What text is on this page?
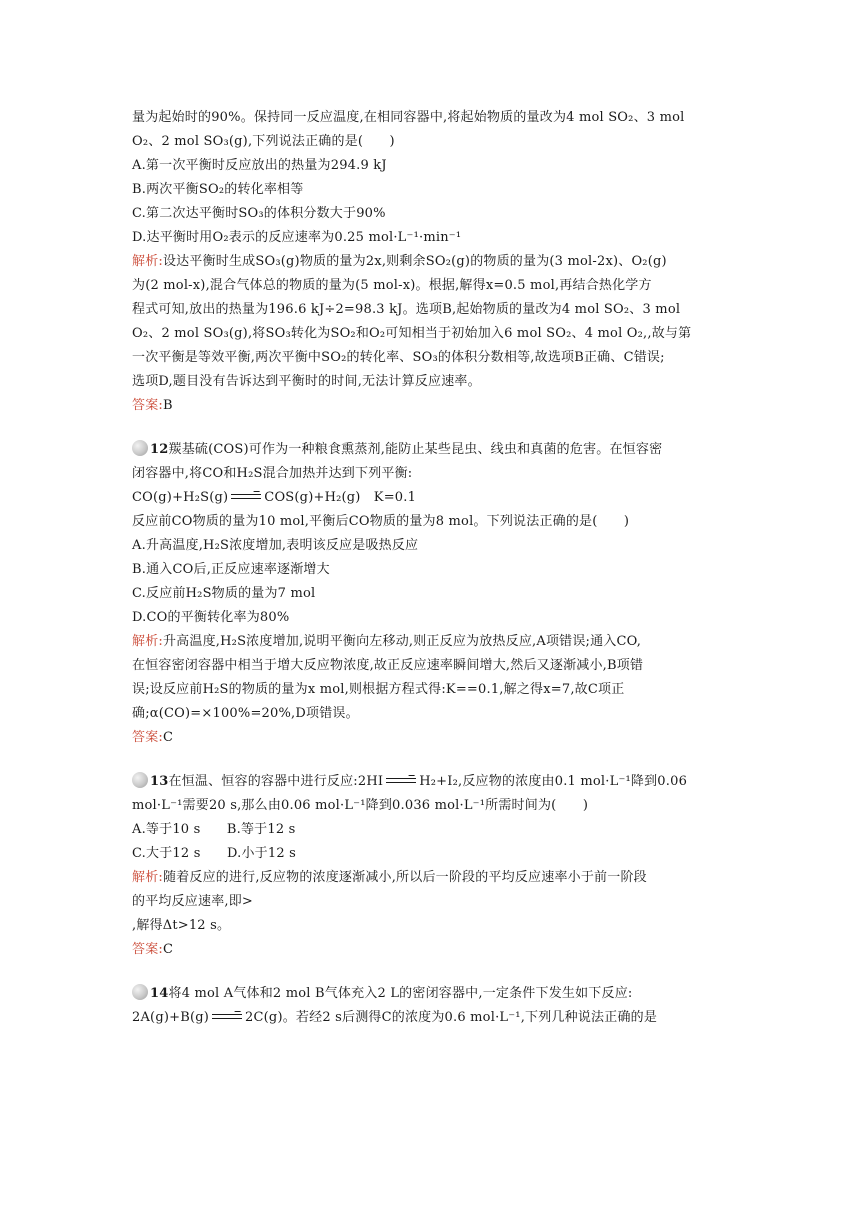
量为起始时的90%。保持同一反应温度,在相同容器中,将起始物质的量改为4 mol SO₂、3 mol
O₂、2 mol SO₃(g),下列说法正确的是(　　)
A.第一次平衡时反应放出的热量为294.9 kJ
B.两次平衡SO₂的转化率相等
C.第二次达平衡时SO₃的体积分数大于90%
D.达平衡时用O₂表示的反应速率为0.25 mol·L⁻¹·min⁻¹
解析:设达平衡时生成SO₃(g)物质的量为2x,则剩余SO₂(g)的物质的量为(3 mol-2x)、O₂(g)
为(2 mol-x),混合气体总的物质的量为(5 mol-x)。根据,解得x=0.5 mol,再结合热化学方
程式可知,放出的热量为196.6 kJ÷2=98.3 kJ。选项B,起始物质的量改为4 mol SO₂、3 mol
O₂、2 mol SO₃(g),将SO₃转化为SO₂和O₂可知相当于初始加入6 mol SO₂、4 mol O₂,,故与第
一次平衡是等效平衡,两次平衡中SO₂的转化率、SO₃的体积分数相等,故选项B正确、C错误;
选项D,题目没有告诉达到平衡时的时间,无法计算反应速率。
答案:B
12羰基硫(COS)可作为一种粮食熏蒸剂,能防止某些昆虫、线虫和真菌的危害。在恒容密
闭容器中,将CO和H₂S混合加热并达到下列平衡:
CO(g)+H₂S(g)→COS(g)+H₂(g)　K=0.1
反应前CO物质的量为10 mol,平衡后CO物质的量为8 mol。下列说法正确的是(　　)
A.升高温度,H₂S浓度增加,表明该反应是吸热反应
B.通入CO后,正反应速率逐渐增大
C.反应前H₂S物质的量为7 mol
D.CO的平衡转化率为80%
解析:升高温度,H₂S浓度增加,说明平衡向左移动,则正反应为放热反应,A项错误;通入CO,
在恒容密闭容器中相当于增大反应物浓度,故正反应速率瞬间增大,然后又逐渐减小,B项错
误;设反应前H₂S的物质的量为x mol,则根据方程式得:K==0.1,解之得x=7,故C项正
确;α(CO)=×100%=20%,D项错误。
答案:C
13在恒温、恒容的容器中进行反应:2HI→H₂+I₂,反应物的浓度由0.1 mol·L⁻¹降到0.06
mol·L⁻¹需要20 s,那么由0.06 mol·L⁻¹降到0.036 mol·L⁻¹所需时间为(　　)
A.等于10 s　　B.等于12 s
C.大于12 s　　D.小于12 s
解析:随着反应的进行,反应物的浓度逐渐减小,所以后一阶段的平均反应速率小于前一阶段
的平均反应速率,即>
,解得Δt>12 s。
答案:C
14将4 mol A气体和2 mol B气体充入2 L的密闭容器中,一定条件下发生如下反应:
2A(g)+B(g)→2C(g)。若经2 s后测得C的浓度为0.6 mol·L⁻¹,下列几种说法正确的是
